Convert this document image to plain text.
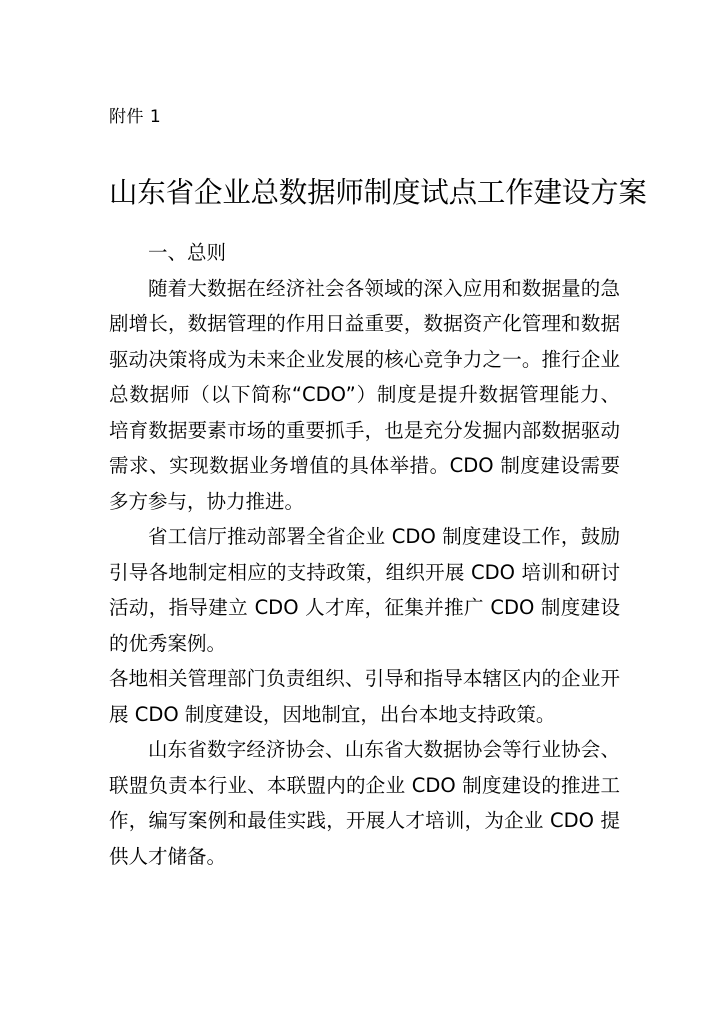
附件 1
山东省企业总数据师制度试点工作建设方案

一、总则

随着大数据在经济社会各领域的深入应用和数据量的急剧增长，数据管理的作用日益重要，数据资产化管理和数据驱动决策将成为未来企业发展的核心竞争力之一。推行企业总数据师（以下简称“CDO”）制度是提升数据管理能力、培育数据要素市场的重要抓手，也是充分发掘内部数据驱动需求、实现数据业务增值的具体举措。CDO 制度建设需要多方参与，协力推进。

省工信厅推动部署全省企业 CDO 制度建设工作，鼓励引导各地制定相应的支持政策，组织开展 CDO 培训和研讨活动，指导建立 CDO 人才库，征集并推广 CDO 制度建设的优秀案例。

各地相关管理部门负责组织、引导和指导本辖区内的企业开展 CDO 制度建设，因地制宜，出台本地支持政策。

山东省数字经济协会、山东省大数据协会等行业协会、联盟负责本行业、本联盟内的企业 CDO 制度建设的推进工作，编写案例和最佳实践，开展人才培训，为企业 CDO 提供人才储备。
